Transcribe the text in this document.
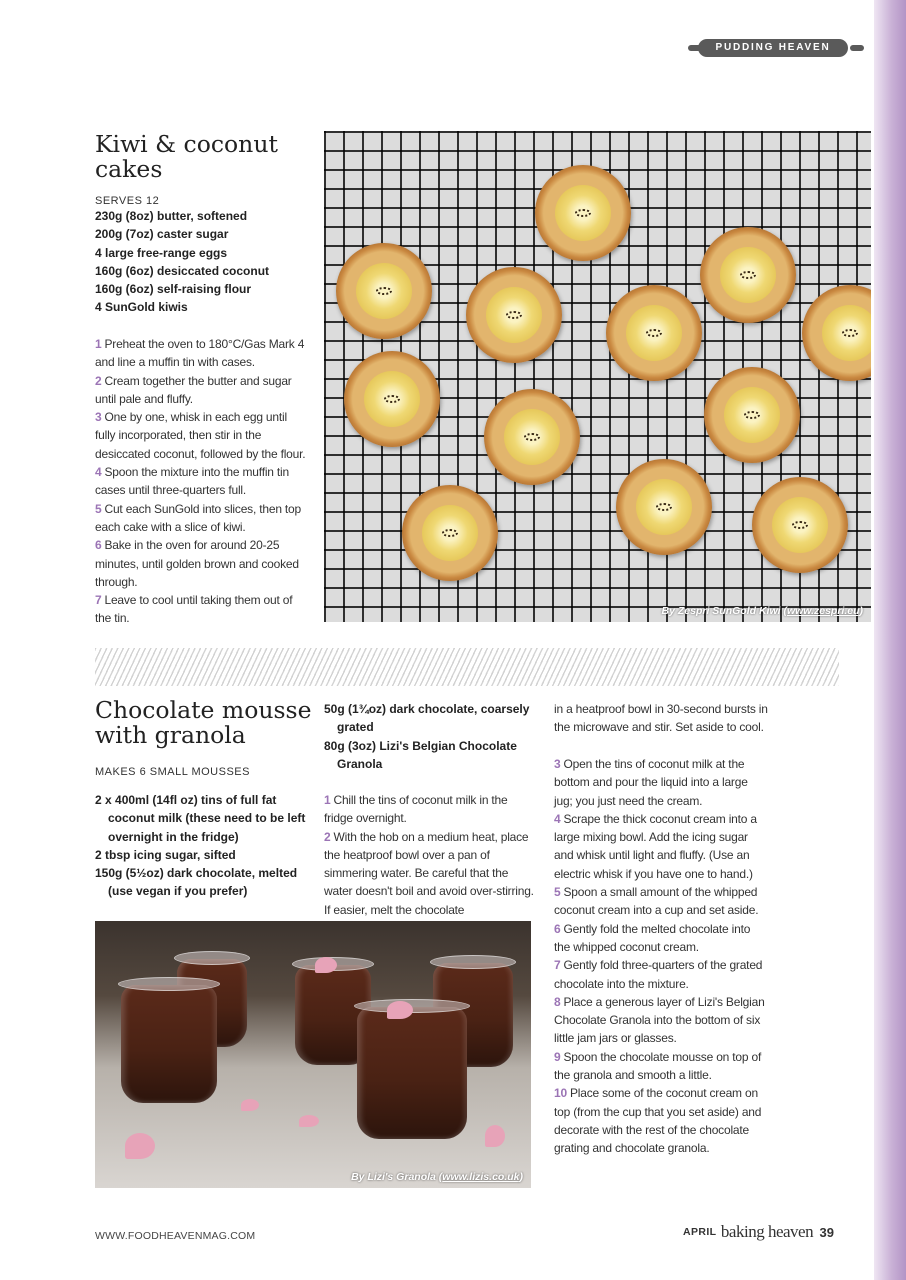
PUDDING HEAVEN
Kiwi & coconut cakes
SERVES 12
230g (8oz) butter, softened
200g (7oz) caster sugar
4 large free-range eggs
160g (6oz) desiccated coconut
160g (6oz) self-raising flour
4 SunGold kiwis
1 Preheat the oven to 180°C/Gas Mark 4 and line a muffin tin with cases.
2 Cream together the butter and sugar until pale and fluffy.
3 One by one, whisk in each egg until fully incorporated, then stir in the desiccated coconut, followed by the flour.
4 Spoon the mixture into the muffin tin cases until three-quarters full.
5 Cut each SunGold into slices, then top each cake with a slice of kiwi.
6 Bake in the oven for around 20-25 minutes, until golden brown and cooked through.
7 Leave to cool until taking them out of the tin.
By Zespri SunGold Kiwi (www.zespri.eu)
Chocolate mousse with granola
MAKES 6 SMALL MOUSSES
2 x 400ml (14fl oz) tins of full fat coconut milk (these need to be left overnight in the fridge)
2 tbsp icing sugar, sifted
150g (5½oz) dark chocolate, melted (use vegan if you prefer)
50g (1¾oz) dark chocolate, coarsely grated
80g (3oz) Lizi's Belgian Chocolate Granola
1 Chill the tins of coconut milk in the fridge overnight.
2 With the hob on a medium heat, place the heatproof bowl over a pan of simmering water. Be careful that the water doesn't boil and avoid over-stirring. If easier, melt the chocolate
in a heatproof bowl in 30-second bursts in the microwave and stir. Set aside to cool.
3 Open the tins of coconut milk at the bottom and pour the liquid into a large jug; you just need the cream.
4 Scrape the thick coconut cream into a large mixing bowl. Add the icing sugar and whisk until light and fluffy. (Use an electric whisk if you have one to hand.)
5 Spoon a small amount of the whipped coconut cream into a cup and set aside.
6 Gently fold the melted chocolate into the whipped coconut cream.
7 Gently fold three-quarters of the grated chocolate into the mixture.
8 Place a generous layer of Lizi's Belgian Chocolate Granola into the bottom of six little jam jars or glasses.
9 Spoon the chocolate mousse on top of the granola and smooth a little.
10 Place some of the coconut cream on top (from the cup that you set aside) and decorate with the rest of the chocolate grating and chocolate granola.
By Lizi's Granola (www.lizis.co.uk)
WWW.FOODHEAVENMAG.COM	APRIL baking heaven 39
